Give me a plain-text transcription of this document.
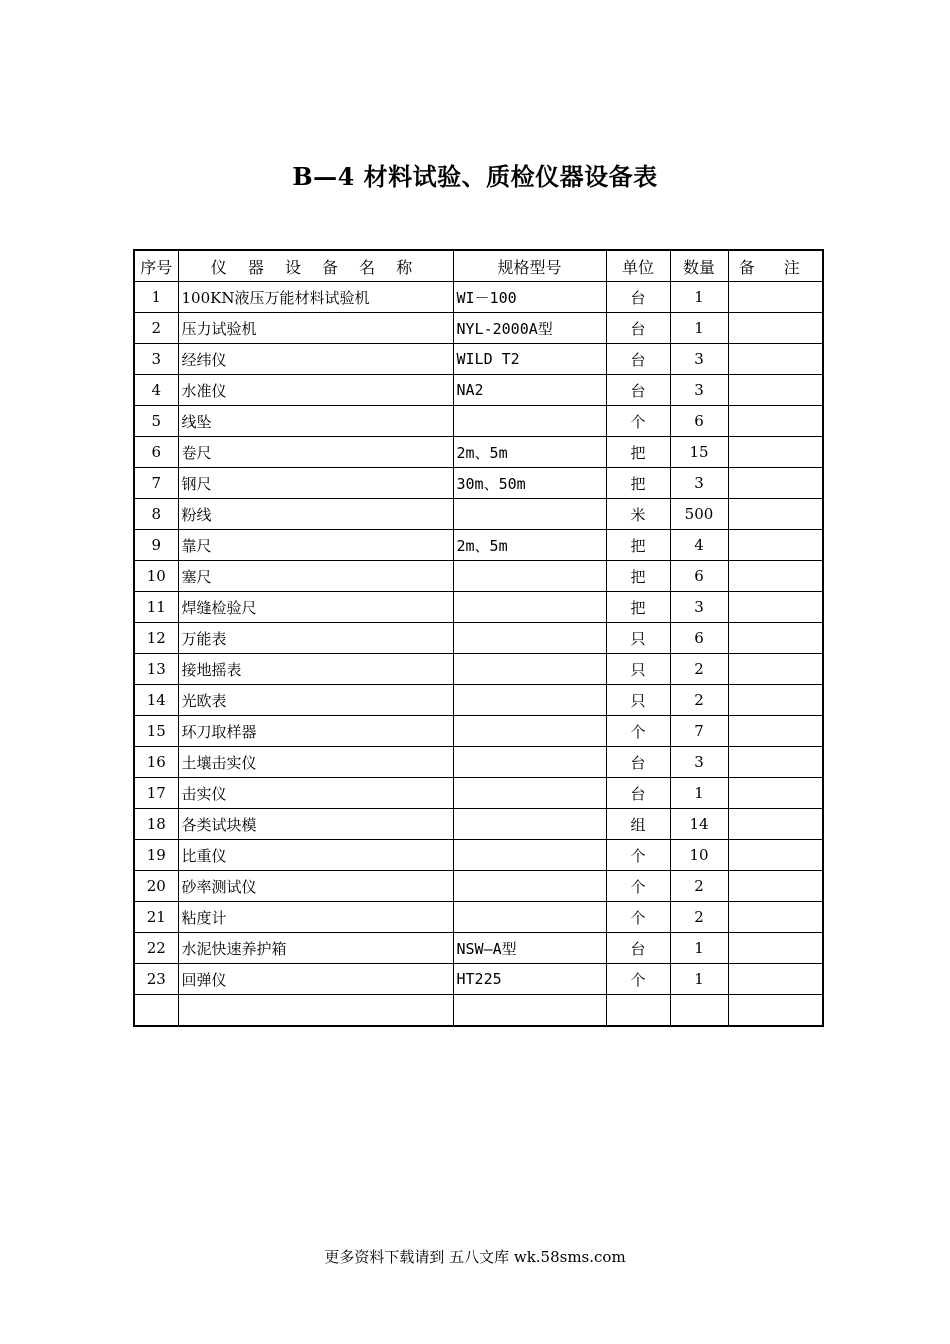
B—4 材料试验、质检仪器设备表
序号	仪 器 设 备 名 称	规格型号	单位	数量	备 注
1	100KN液压万能材料试验机	WI－100	台	1	
2	压力试验机	NYL-2000A型	台	1	
3	经纬仪	WILD T2	台	3	
4	水准仪	NA2	台	3	
5	线坠		个	6	
6	卷尺	2m、5m	把	15	
7	钢尺	30m、50m	把	3	
8	粉线		米	500	
9	靠尺	2m、5m	把	4	
10	塞尺		把	6	
11	焊缝检验尺		把	3	
12	万能表		只	6	
13	接地摇表		只	2	
14	光欧表		只	2	
15	环刀取样器		个	7	
16	土壤击实仪		台	3	
17	击实仪		台	1	
18	各类试块模		组	14	
19	比重仪		个	10	
20	砂率测试仪		个	2	
21	粘度计		个	2	
22	水泥快速养护箱	NSW—A型	台	1	
23	回弹仪	HT225	个	1	

更多资料下载请到 五八文库 wk.58sms.com
